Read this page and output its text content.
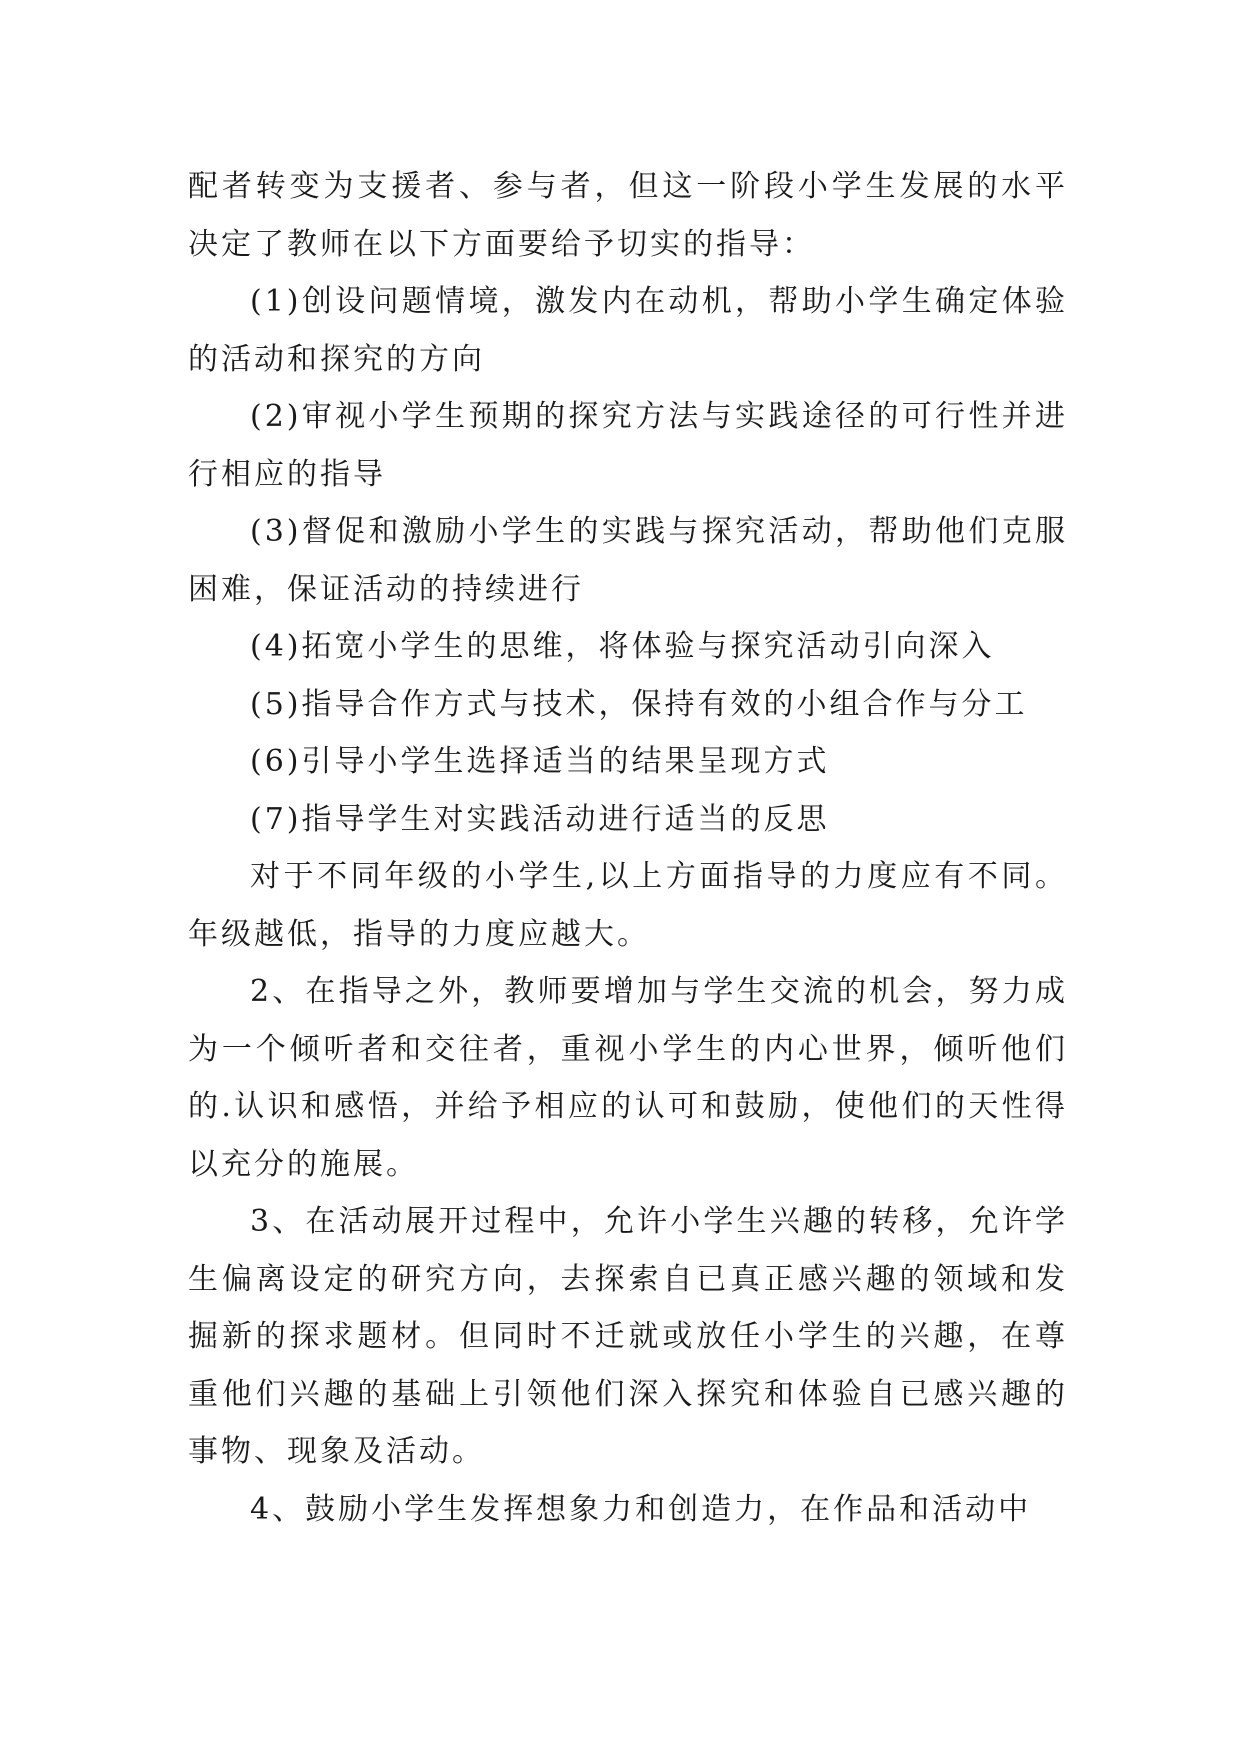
配者转变为支援者、参与者，但这一阶段小学生发展的水平决定了教师在以下方面要给予切实的指导：

(1)创设问题情境，激发内在动机，帮助小学生确定体验的活动和探究的方向

(2)审视小学生预期的探究方法与实践途径的可行性并进行相应的指导

(3)督促和激励小学生的实践与探究活动，帮助他们克服困难，保证活动的持续进行

(4)拓宽小学生的思维，将体验与探究活动引向深入

(5)指导合作方式与技术，保持有效的小组合作与分工

(6)引导小学生选择适当的结果呈现方式

(7)指导学生对实践活动进行适当的反思

对于不同年级的小学生,以上方面指导的力度应有不同。年级越低，指导的力度应越大。

2、在指导之外，教师要增加与学生交流的机会，努力成为一个倾听者和交往者，重视小学生的内心世界，倾听他们的.认识和感悟，并给予相应的认可和鼓励，使他们的天性得以充分的施展。

3、在活动展开过程中，允许小学生兴趣的转移，允许学生偏离设定的研究方向，去探索自已真正感兴趣的领域和发掘新的探求题材。但同时不迁就或放任小学生的兴趣，在尊重他们兴趣的基础上引领他们深入探究和体验自已感兴趣的事物、现象及活动。

4、鼓励小学生发挥想象力和创造力，在作品和活动中
